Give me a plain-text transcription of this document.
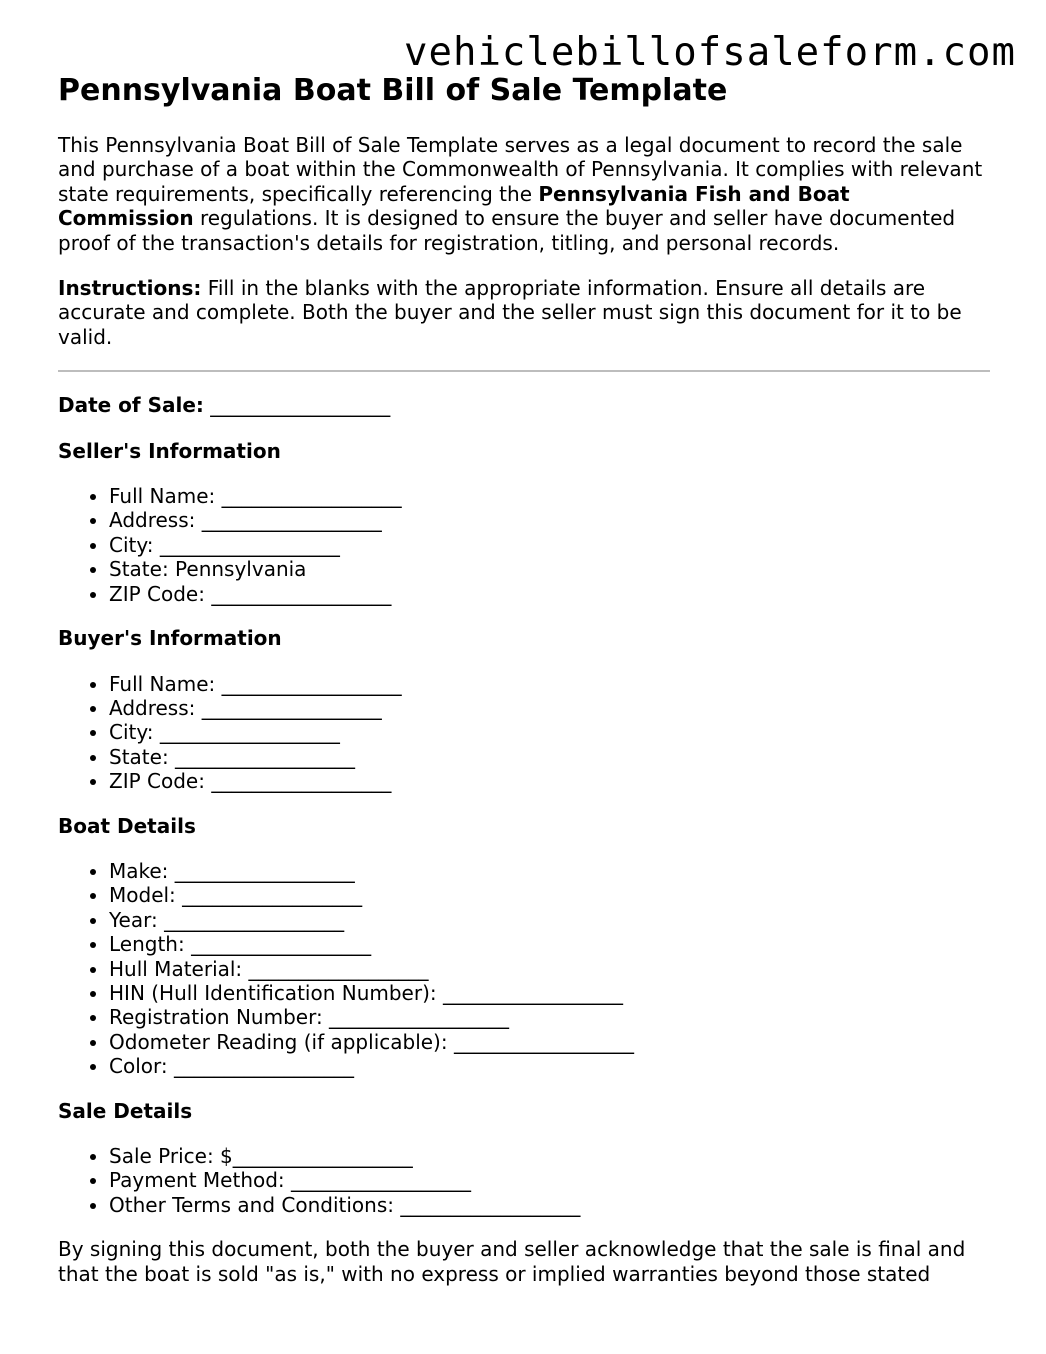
vehiclebillofsaleform.com
Pennsylvania Boat Bill of Sale Template

This Pennsylvania Boat Bill of Sale Template serves as a legal document to record the sale and purchase of a boat within the Commonwealth of Pennsylvania. It complies with relevant state requirements, specifically referencing the Pennsylvania Fish and Boat Commission regulations. It is designed to ensure the buyer and seller have documented proof of the transaction's details for registration, titling, and personal records.

Instructions: Fill in the blanks with the appropriate information. Ensure all details are accurate and complete. Both the buyer and the seller must sign this document for it to be valid.

Date of Sale: __________________
Seller's Information
• Full Name: __________________
• Address: __________________
• City: __________________
• State: Pennsylvania
• ZIP Code: __________________
Buyer's Information
• Full Name: __________________
• Address: __________________
• City: __________________
• State: __________________
• ZIP Code: __________________
Boat Details
• Make: __________________
• Model: __________________
• Year: __________________
• Length: __________________
• Hull Material: __________________
• HIN (Hull Identification Number): __________________
• Registration Number: __________________
• Odometer Reading (if applicable): __________________
• Color: __________________
Sale Details
• Sale Price: $__________________
• Payment Method: __________________
• Other Terms and Conditions: __________________

By signing this document, both the buyer and seller acknowledge that the sale is final and that the boat is sold "as is," with no express or implied warranties beyond those stated
